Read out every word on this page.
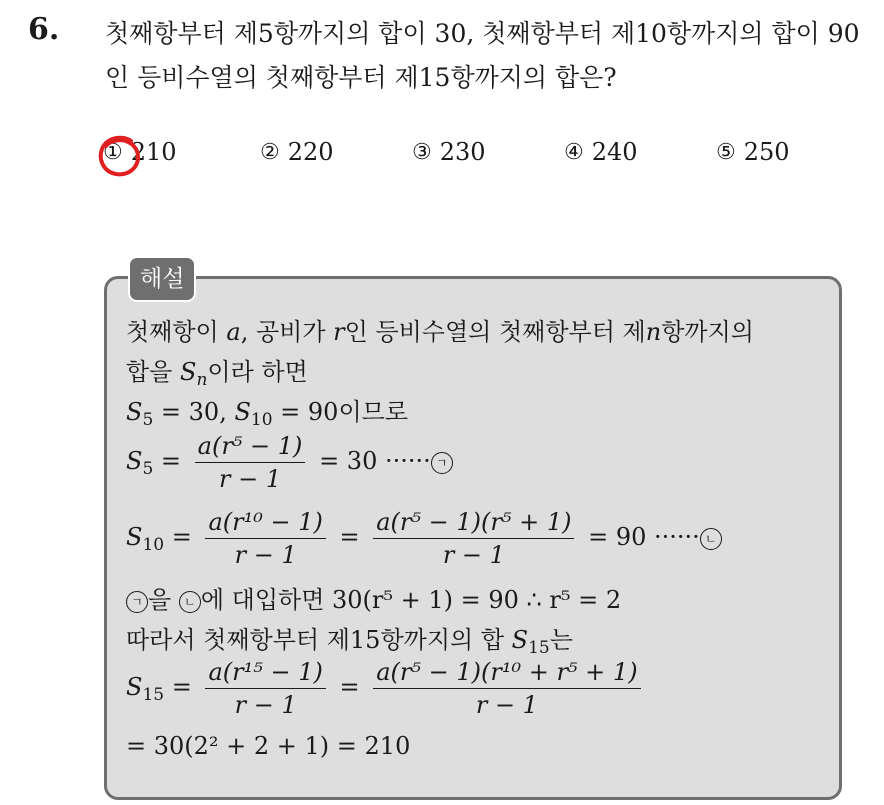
6. 첫째항부터 제5항까지의 합이 30, 첫째항부터 제10항까지의 합이 90
인 등비수열의 첫째항부터 제15항까지의 합은?
① 210	② 220	③ 230	④ 240	⑤ 250
해설
첫째항이 a, 공비가 r인 등비수열의 첫째항부터 제n항까지의
합을 $S_n$이라 하면
$S_5 = 30$, $S_{10} = 90$이므로
$S_5 = \frac{\text{a(r⁵ − 1)}}{r - 1} = 30$ ······ ㄱ
$S_{10} = \frac{\text{a(r¹⁰ − 1)}}{r - 1} = \frac{\text{a(r⁵ − 1)(r⁵ + 1)}}{r - 1} = 90$ ······ ㄴ
ㄱ 을 ㄴ 에 대입하면 30(r⁵ + 1) = 90 ∴ r⁵ = 2
따라서 첫째항부터 제15항까지의 합 $S_{15}$는
$S_{15} = \frac{\text{a(r¹⁵ − 1)}}{r - 1} = \frac{\text{a(r⁵ − 1)(r¹⁰ + r⁵ + 1)}}{r - 1}$
= 30(2² + 2 + 1) = 210
